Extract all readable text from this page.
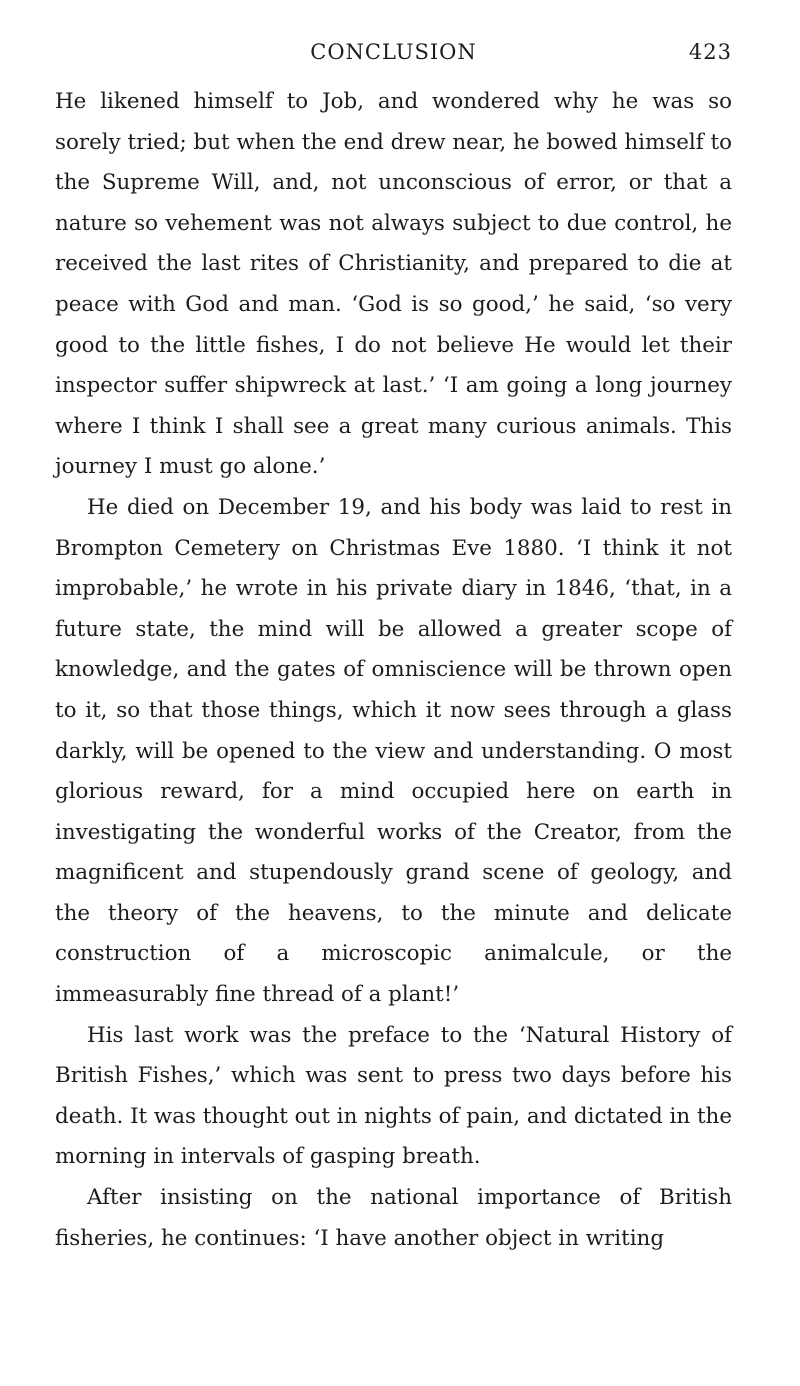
CONCLUSION	423

He likened himself to Job, and wondered why he was so sorely tried; but when the end drew near, he bowed himself to the Supreme Will, and, not unconscious of error, or that a nature so vehement was not always subject to due control, he received the last rites of Christianity, and prepared to die at peace with God and man. ‘God is so good,’ he said, ‘so very good to the little fishes, I do not believe He would let their inspector suffer shipwreck at last.’ ‘I am going a long journey where I think I shall see a great many curious animals. This journey I must go alone.’

He died on December 19, and his body was laid to rest in Brompton Cemetery on Christmas Eve 1880. ‘I think it not improbable,’ he wrote in his private diary in 1846, ‘that, in a future state, the mind will be allowed a greater scope of knowledge, and the gates of omniscience will be thrown open to it, so that those things, which it now sees through a glass darkly, will be opened to the view and understanding. O most glorious reward, for a mind occupied here on earth in investigating the wonderful works of the Creator, from the magnificent and stupendously grand scene of geology, and the theory of the heavens, to the minute and delicate construction of a microscopic animalcule, or the immeasurably fine thread of a plant!’

His last work was the preface to the ‘Natural History of British Fishes,’ which was sent to press two days before his death. It was thought out in nights of pain, and dictated in the morning in intervals of gasping breath.

After insisting on the national importance of British fisheries, he continues: ‘I have another object in writing
